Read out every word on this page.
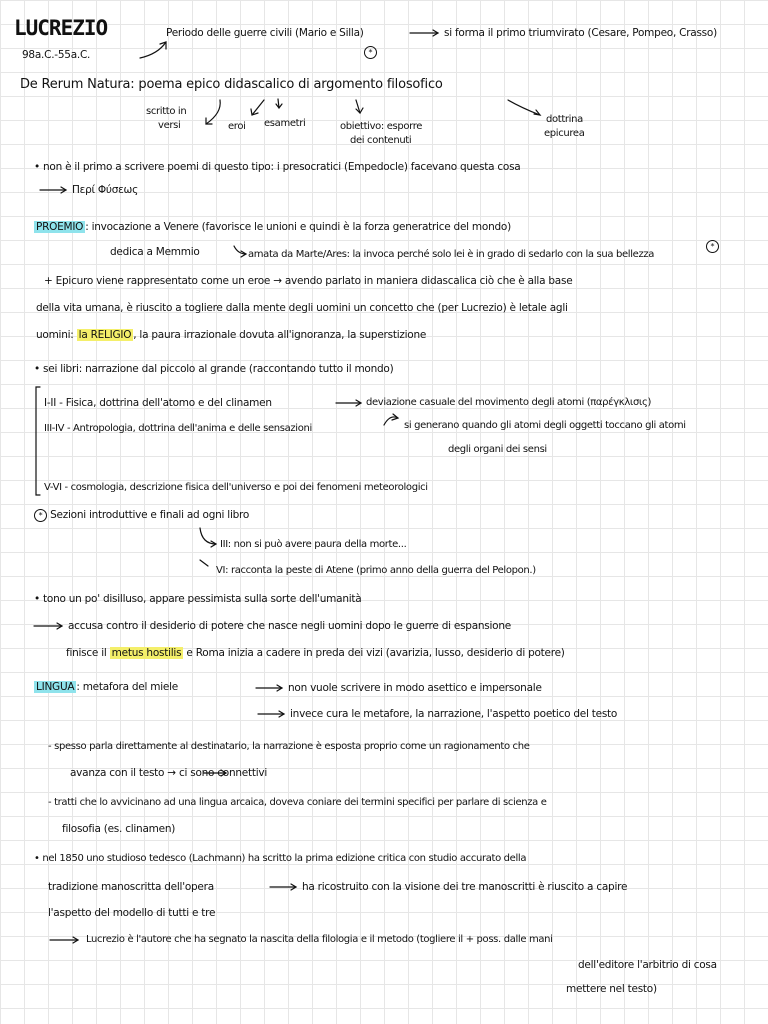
LUCREZIO
98a.C.-55a.C.
Periodo delle guerre civili (Mario e Silla)
*
si forma il primo triumvirato (Cesare, Pompeo, Crasso)
De Rerum Natura: poema epico didascalico di argomento filosofico
scritto in
versi	eroi esametri	obiettivo: esporre
dei contenuti
dottrina
epicurea
• non è il primo a scrivere poemi di questo tipo: i presocratici (Empedocle) facevano questa cosa
Περί Φύσεως
PROEMIO : invocazione a Venere (favorisce le unioni e quindi è la forza generatrice del mondo)
*
dedica a Memmio	amata da Marte/Ares: la invoca perché solo lei è in grado di sedarlo con la sua bellezza
+ Epicuro viene rappresentato come un eroe → avendo parlato in maniera didascalica ciò che è alla base
della vita umana, è riuscito a togliere dalla mente degli uomini un concetto che (per Lucrezio) è letale agli
uomini: la RELIGIO , la paura irrazionale dovuta all'ignoranza, la superstizione
• sei libri: narrazione dal piccolo al grande (raccontando tutto il mondo)
I-II - Fisica, dottrina dell'atomo e del clinamen	deviazione casuale del movimento degli atomi (παρέγκλισις)
III-IV - Antropologia, dottrina dell'anima e delle sensazioni	si generano quando gli atomi degli oggetti toccano gli atomi
degli organi dei sensi
V-VI - cosmologia, descrizione fisica dell'universo e poi dei fenomeni meteorologici
* Sezioni introduttive e finali ad ogni libro
III: non si può avere paura della morte...
VI: racconta la peste di Atene (primo anno della guerra del Pelopon.)
• tono un po' disilluso, appare pessimista sulla sorte dell'umanità
accusa contro il desiderio di potere che nasce negli uomini dopo le guerre di espansione
finisce il metus hostilis e Roma inizia a cadere in preda dei vizi (avarizia, lusso, desiderio di potere)
LINGUA : metafora del miele	non vuole scrivere in modo asettico e impersonale
invece cura le metafore, la narrazione, l'aspetto poetico del testo
- spesso parla direttamente al destinatario, la narrazione è esposta proprio come un ragionamento che
avanza con il testo → ci sono connettivi
- tratti che lo avvicinano ad una lingua arcaica, doveva coniare dei termini specifici per parlare di scienza e
filosofia (es. clinamen)
• nel 1850 uno studioso tedesco (Lachmann) ha scritto la prima edizione critica con studio accurato della
tradizione manoscritta dell'opera	ha ricostruito con la visione dei tre manoscritti è riuscito a capire
l'aspetto del modello di tutti e tre
Lucrezio è l'autore che ha segnato la nascita della filologia e il metodo (togliere il + poss. dalle mani
dell'editore l'arbitrio di cosa
mettere nel testo)
